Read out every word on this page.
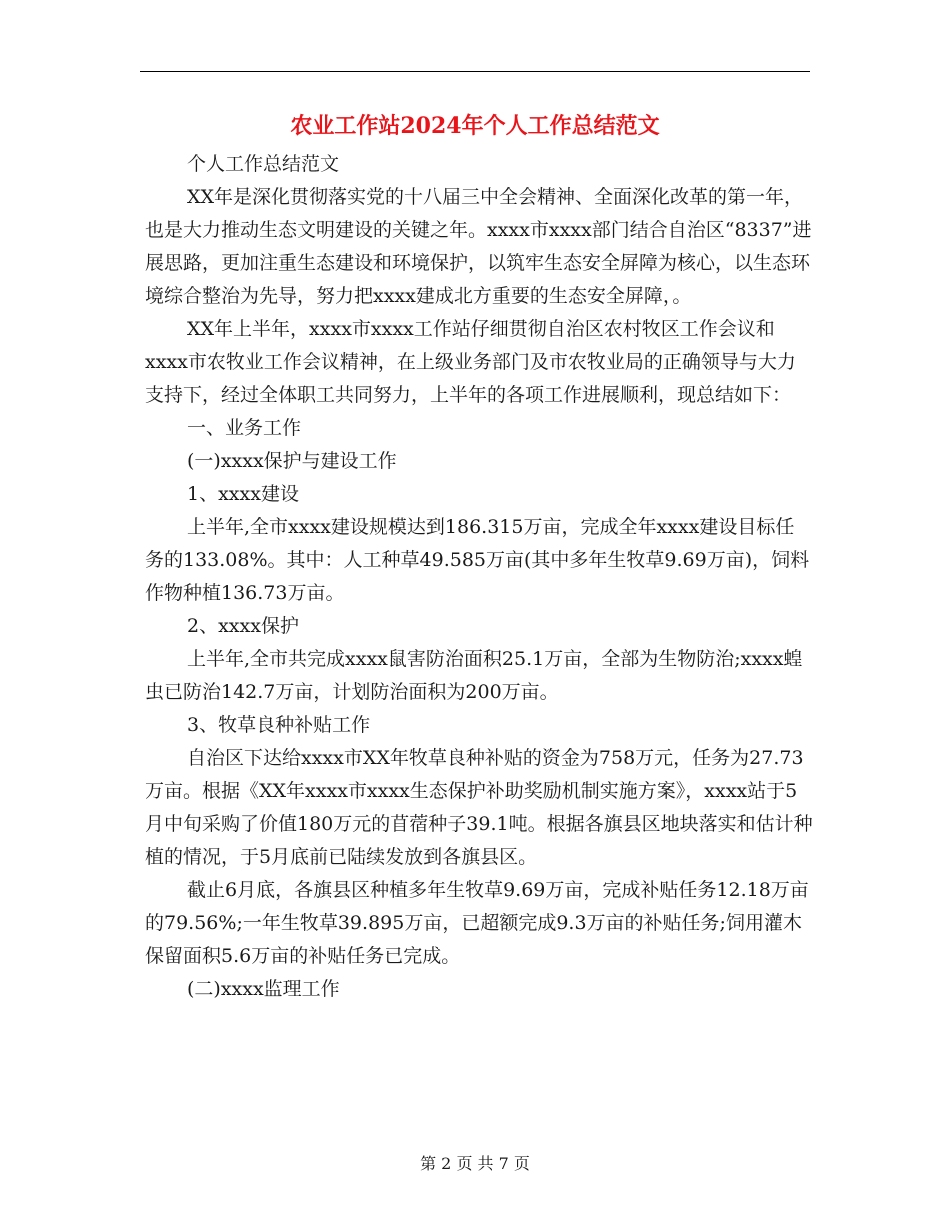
农业工作站2024年个人工作总结范文

个人工作总结范文

XX年是深化贯彻落实党的十八届三中全会精神、全面深化改革的第一年，也是大力推动生态文明建设的关键之年。xxxx市xxxx部门结合自治区“8337”进展思路，更加注重生态建设和环境保护，以筑牢生态安全屏障为核心，以生态环境综合整治为先导，努力把xxxx建成北方重要的生态安全屏障，。

XX年上半年，xxxx市xxxx工作站仔细贯彻自治区农村牧区工作会议和xxxx市农牧业工作会议精神，在上级业务部门及市农牧业局的正确领导与大力支持下，经过全体职工共同努力，上半年的各项工作进展顺利，现总结如下：

一、业务工作

(一)xxxx保护与建设工作

1、xxxx建设

上半年,全市xxxx建设规模达到186.315万亩，完成全年xxxx建设目标任务的133.08%。其中：人工种草49.585万亩(其中多年生牧草9.69万亩)，饲料作物种植136.73万亩。

2、xxxx保护

上半年,全市共完成xxxx鼠害防治面积25.1万亩，全部为生物防治;xxxx蝗虫已防治142.7万亩，计划防治面积为200万亩。

3、牧草良种补贴工作

自治区下达给xxxx市XX年牧草良种补贴的资金为758万元，任务为27.73万亩。根据《XX年xxxx市xxxx生态保护补助奖励机制实施方案》，xxxx站于5月中旬采购了价值180万元的苜蓿种子39.1吨。根据各旗县区地块落实和估计种植的情况，于5月底前已陆续发放到各旗县区。

截止6月底，各旗县区种植多年生牧草9.69万亩，完成补贴任务12.18万亩的79.56%;一年生牧草39.895万亩，已超额完成9.3万亩的补贴任务;饲用灌木保留面积5.6万亩的补贴任务已完成。

(二)xxxx监理工作

第 2 页 共 7 页
